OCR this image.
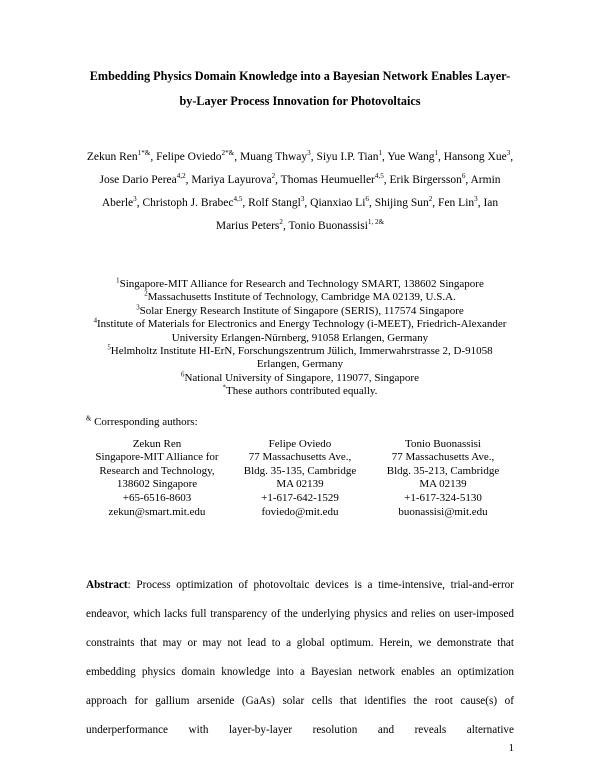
Embedding Physics Domain Knowledge into a Bayesian Network Enables Layer-by-Layer Process Innovation for Photovoltaics

Zekun Ren$^{1*\&}$, Felipe Oviedo$^{2*\&}$, Muang Thway$^3$, Siyu I.P. Tian$^1$, Yue Wang$^1$, Hansong Xue$^3$, Jose Dario Perea$^{4,2}$, Mariya Layurova$^2$, Thomas Heumueller$^{4,5}$, Erik Birgersson$^6$, Armin Aberle$^3$, Christoph J. Brabec$^{4,5}$, Rolf Stangl$^3$, Qianxiao Li$^6$, Shijing Sun$^2$, Fen Lin$^3$, Ian Marius Peters$^2$, Tonio Buonassisi$^{1, 2\&}$

$^1$Singapore-MIT Alliance for Research and Technology SMART, 138602 Singapore

$^2$Massachusetts Institute of Technology, Cambridge MA 02139, U.S.A.

$^3$Solar Energy Research Institute of Singapore (SERIS), 117574 Singapore

$^4$Institute of Materials for Electronics and Energy Technology (i-MEET), Friedrich-Alexander University Erlangen-Nürnberg, 91058 Erlangen, Germany

$^5$Helmholtz Institute HI-ErN, Forschungszentrum Jülich, Immerwahrstrasse 2, D-91058 Erlangen, Germany

$^6$National University of Singapore, 119077, Singapore

*These authors contributed equally.

& Corresponding authors:

Zekun Ren
Singapore-MIT Alliance for
Research and Technology,
138602 Singapore
+65-6516-8603
zekun@smart.mit.edu
Felipe Oviedo
77 Massachusetts Ave.,
Bldg. 35-135, Cambridge
MA 02139
+1-617-642-1529
foviedo@mit.edu
Tonio Buonassisi
77 Massachusetts Ave.,
Bldg. 35-213, Cambridge
MA 02139
+1-617-324-5130
buonassisi@mit.edu

Abstract: Process optimization of photovoltaic devices is a time-intensive, trial-and-error endeavor, which lacks full transparency of the underlying physics and relies on user-imposed constraints that may or may not lead to a global optimum. Herein, we demonstrate that embedding physics domain knowledge into a Bayesian network enables an optimization approach for gallium arsenide (GaAs) solar cells that identifies the root cause(s) of underperformance with layer-by-layer resolution and reveals alternative

1
